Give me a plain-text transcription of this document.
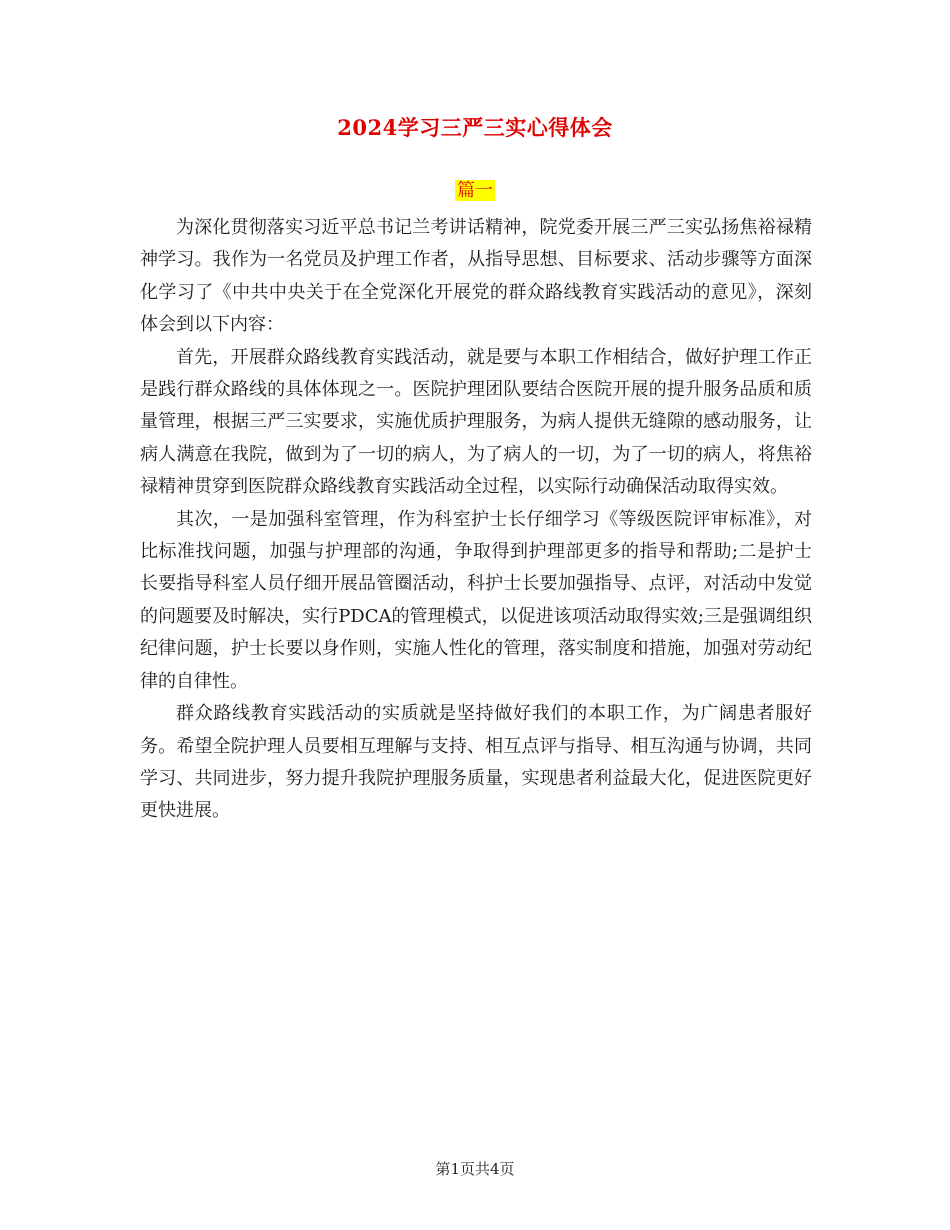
2024学习三严三实心得体会
篇一

为深化贯彻落实习近平总书记兰考讲话精神，院党委开展三严三实弘扬焦裕禄精神学习。我作为一名党员及护理工作者，从指导思想、目标要求、活动步骤等方面深化学习了《中共中央关于在全党深化开展党的群众路线教育实践活动的意见》，深刻体会到以下内容：

首先，开展群众路线教育实践活动，就是要与本职工作相结合，做好护理工作正是践行群众路线的具体体现之一。医院护理团队要结合医院开展的提升服务品质和质量管理，根据三严三实要求，实施优质护理服务，为病人提供无缝隙的感动服务，让病人满意在我院，做到为了一切的病人，为了病人的一切，为了一切的病人，将焦裕禄精神贯穿到医院群众路线教育实践活动全过程，以实际行动确保活动取得实效。

其次，一是加强科室管理，作为科室护士长仔细学习《等级医院评审标准》，对比标准找问题，加强与护理部的沟通，争取得到护理部更多的指导和帮助;二是护士长要指导科室人员仔细开展品管圈活动，科护士长要加强指导、点评，对活动中发觉的问题要及时解决，实行PDCA的管理模式，以促进该项活动取得实效;三是强调组织纪律问题，护士长要以身作则，实施人性化的管理，落实制度和措施，加强对劳动纪律的自律性。

群众路线教育实践活动的实质就是坚持做好我们的本职工作，为广阔患者服好务。希望全院护理人员要相互理解与支持、相互点评与指导、相互沟通与协调，共同学习、共同进步，努力提升我院护理服务质量，实现患者利益最大化，促进医院更好更快进展。

第1页共4页
